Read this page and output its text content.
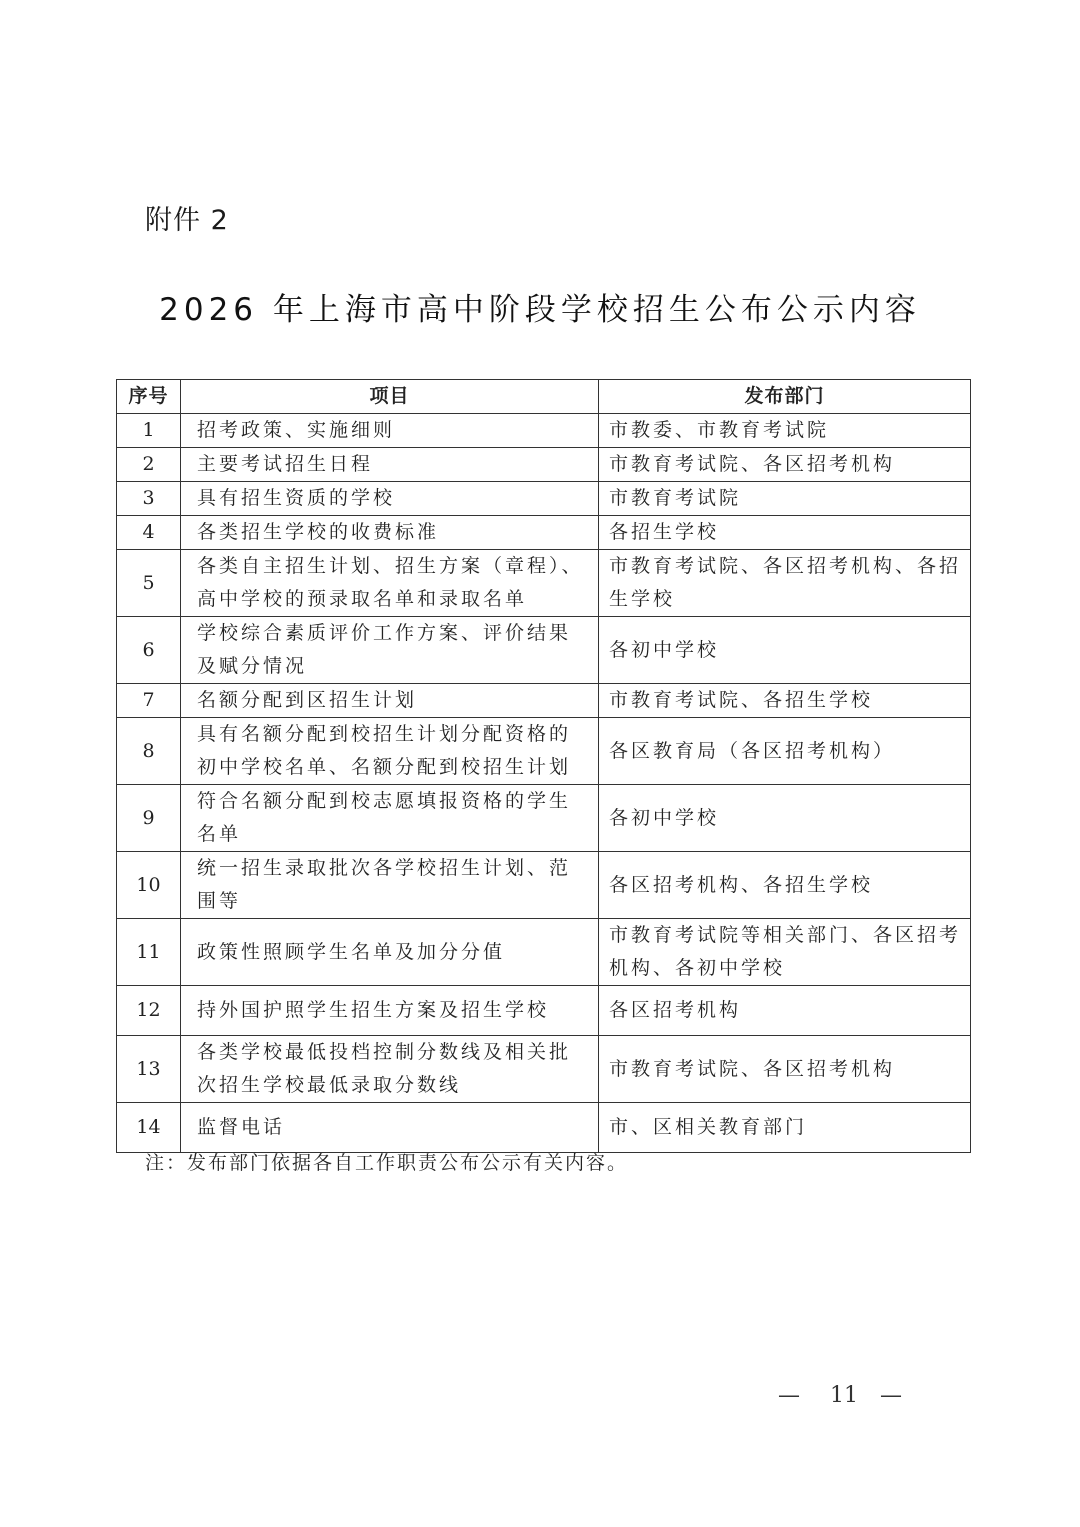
附件 2
2026 年上海市高中阶段学校招生公布公示内容
序号	项目	发布部门
1	招考政策、实施细则	市教委、市教育考试院
2	主要考试招生日程	市教育考试院、各区招考机构
3	具有招生资质的学校	市教育考试院
4	各类招生学校的收费标准	各招生学校
5	各类自主招生计划、招生方案（章程）、高中学校的预录取名单和录取名单	市教育考试院、各区招考机构、各招生学校
6	学校综合素质评价工作方案、评价结果及赋分情况	各初中学校
7	名额分配到区招生计划	市教育考试院、各招生学校
8	具有名额分配到校招生计划分配资格的初中学校名单、名额分配到校招生计划	各区教育局（各区招考机构）
9	符合名额分配到校志愿填报资格的学生名单	各初中学校
10	统一招生录取批次各学校招生计划、范围等	各区招考机构、各招生学校
11	政策性照顾学生名单及加分分值	市教育考试院等相关部门、各区招考机构、各初中学校
12	持外国护照学生招生方案及招生学校	各区招考机构
13	各类学校最低投档控制分数线及相关批次招生学校最低录取分数线	市教育考试院、各区招考机构
14	监督电话	市、区相关教育部门
注：发布部门依据各自工作职责公布公示有关内容。
— 11 —
